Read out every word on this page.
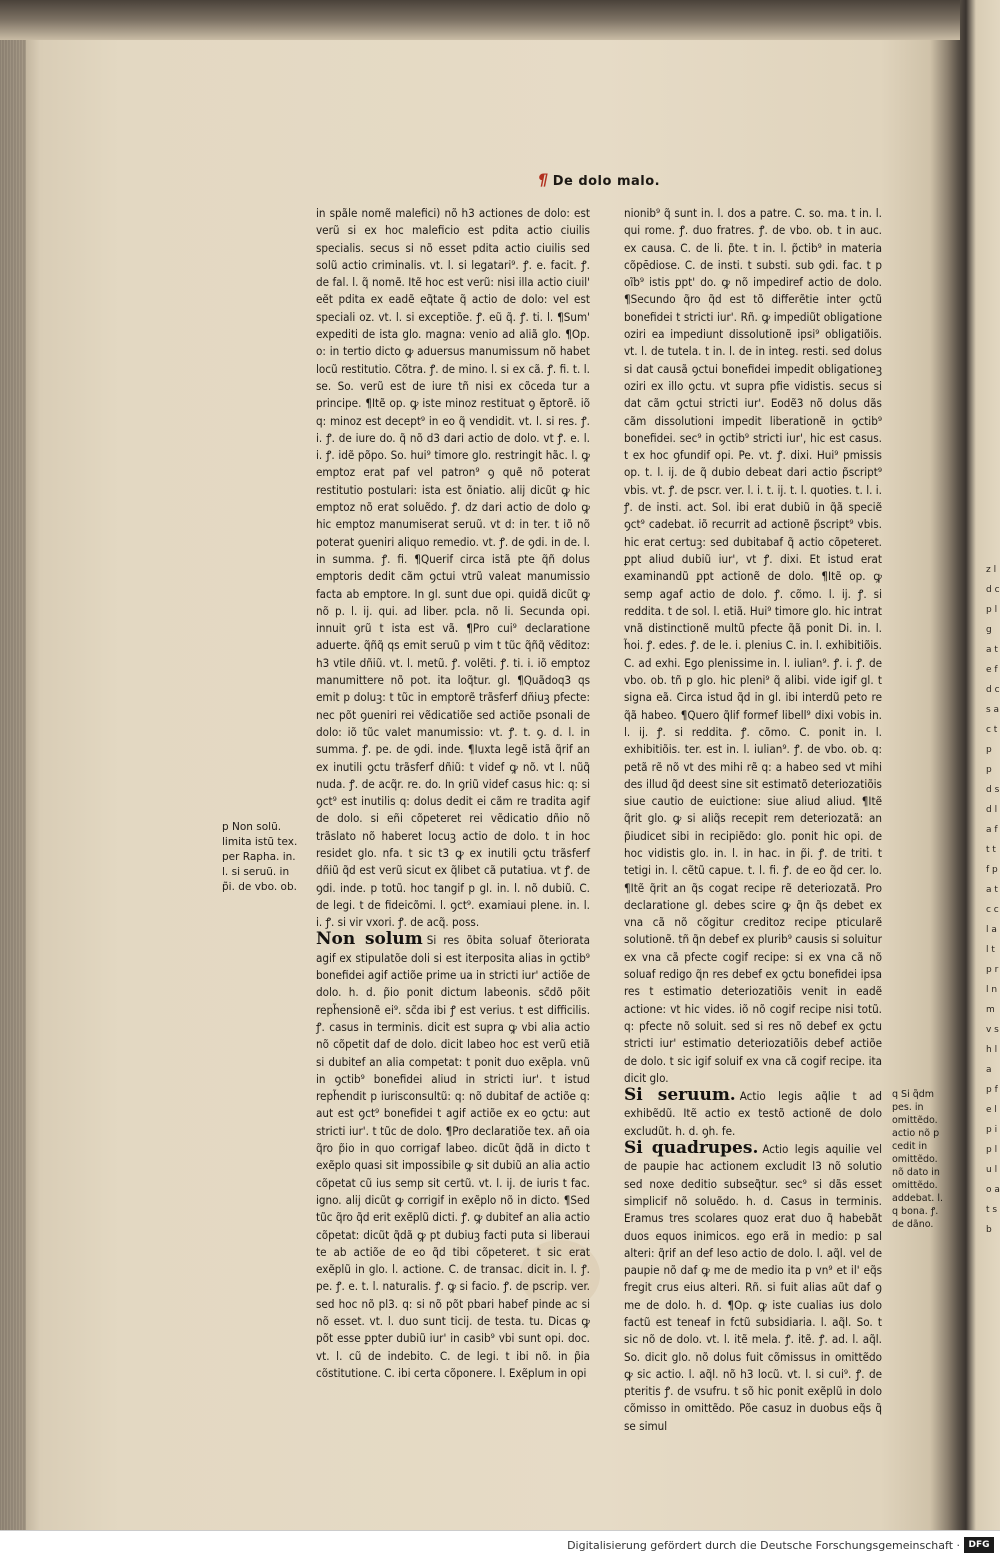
¶ De dolo malo.

in spãle nomẽ malefici) nõ h3 actiones de dolo: est verũ si ex hoc maleficio est pdita actio ciuilis specialis. secus si nõ esset pdita actio ciuilis sed solũ actio criminalis. vt. l. si legatari⁹. ꝭ. e. facit. ꝭ. de fal. l. q̃ nomẽ. Itẽ hoc est verũ: nisi illa actio ciuil' eẽt pdita ex eadẽ eq̃tate q̃ actio de dolo: vel est speciali oz. vt. l. si exceptiõe. ꝭ. eũ q̃. ꝭ. ti. l. ¶Sum' expediti de ista glo. magna: venio ad aliã glo. ¶Op. o: in tertio dicto ꝙ aduersus manumissum nõ habet locũ restitutio. Cõtra. ꝭ. de mino. l. si ex cã. ꝭ. fi. t. l. se. So. verũ est de iure tñ nisi ex cõceda tur a principe. ¶Itẽ op. ꝙ iste minoz restituat ꝯ ẽptorẽ. iõ q: minoz est decept⁹ in eo q̃ vendidit. vt. l. si res. ꝭ. i. ꝭ. de iure do. q̃ nõ d3 dari actio de dolo. vt ꝭ. e. l. i. ꝭ. idẽ põpo. So. hui⁹ timore glo. restringit hãc. l. ꝙ emptoz erat paf vel patron⁹ ꝯ quẽ nõ poterat restitutio postulari: ista est õniatio. alij dicũt ꝙ hic emptoz nõ erat soluẽdo. ꝭ. dz dari actio de dolo ꝙ hic emptoz manumiserat seruũ. vt d: in ter. t iõ nõ poterat ꝯueniri aliquo remedio. vt. ꝭ. de ꝯdi. in de. l. in summa. ꝭ. fi. ¶Querif circa istã pte q̃ñ dolus emptoris dedit cãm ꝯctui vtrũ valeat manumissio facta ab emptore. In gl. sunt due opi. quidã dicũt ꝙ nõ p. l. ij. qui. ad liber. pcla. nõ li. Secunda opi. innuit ꝯrũ t ista est vã. ¶Pro cui⁹ declaratione aduerte. q̃ñq̃ qs emit seruũ p vim t tũc q̃ñq̃ vẽditoz: h3 vtile dñiũ. vt. l. metũ. ꝭ. volẽti. ꝭ. ti. i. iõ emptoz manumittere nõ pot. ita loq̃tur. gl. ¶Quãdoq3 qs emit p doluꝫ: t tũc in emptorẽ trãsferf dñiuꝫ pfecte: nec põt ꝯueniri rei vẽdicatiõe sed actiõe psonali de dolo: iõ tũc valet manumissio: vt. ꝭ. t. ꝯ. d. l. in summa. ꝭ. pe. de ꝯdi. inde. ¶Iuxta legẽ istã q̃rif an ex inutili ꝯctu trãsferf dñiũ: t videf ꝙ nõ. vt l. nũq̃ nuda. ꝭ. de acq̃r. re. do. In ꝯriũ videf casus hic: q: si ꝯct⁹ est inutilis q: dolus dedit ei cãm re tradita agif de dolo. si eñi cõpeteret rei vẽdicatio dñio nõ trãslato nõ haberet locuꝫ actio de dolo. t in hoc residet glo. nfa. t sic t3 ꝙ ex inutili ꝯctu trãsferf dñiũ q̃d est verũ sicut ex q̃libet cã putatiua. vt ꝭ. de ꝯdi. inde. p totũ. hoc tangif p gl. in. l. nõ dubiũ. C. de legi. t de fideicõmi. l. ꝯct⁹. examiaui plene. in. l. i. ꝭ. si vir vxori. ꝭ. de acq̃. poss.

Non solum Si res õbita soluaf õteriorata agif ex stipulatõe doli si est iterposita alias in ꝯctib⁹ bonefidei agif actiõe prime ua in stricti iur' actiõe de dolo. h. d. p̃io ponit dictum labeonis. sc̃dõ põit reph̃ensionẽ ei⁹. sc̃da ibi ꝭ est verius. t est difficilis. ꝭ. casus in terminis. dicit est supra ꝙ vbi alia actio nõ cõpetit daf de dolo. dicit labeo hoc est verũ etiã si dubitef an alia competat: t ponit duo exẽpla. vnũ in ꝯctib⁹ bonefidei aliud in stricti iur'. t istud reph̃endit p iurisconsultũ: q: nõ dubitaf de actiõe q: aut est ꝯct⁹ bonefidei t agif actiõe ex eo ꝯctu: aut stricti iur'. t tũc de dolo. ¶Pro declaratiõe tex. añ oia q̃ro p̃io in quo corrigaf labeo. dicũt q̃dã in dicto t exẽplo quasi sit impossibile ꝙ sit dubiũ an alia actio cõpetat cũ ius semp sit certũ. vt. l. ij. de iuris t fac. igno. alij dicũt ꝙ corrigif in exẽplo nõ in dicto. ¶Sed tũc q̃ro q̃d erit exẽplũ dicti. ꝭ. ꝙ dubitef an alia actio cõpetat: dicũt q̃dã ꝙ pt dubiuꝫ facti puta si liberaui te ab actiõe de eo q̃d tibi cõpeteret. t sic erat exẽplũ in glo. l. actione. C. de transac. dicit in. l. ꝭ. pe. ꝭ. e. t. l. naturalis. ꝭ. ꝙ si facio. ꝭ. de pscrip. ver. sed hoc nõ pl3. q: si nõ põt pbari habef pinde ac si nõ esset. vt. l. duo sunt ticij. de testa. tu. Dicas ꝙ põt esse ꝑpter dubiũ iur' in casib⁹ vbi sunt opi. doc. vt. l. cũ de indebito. C. de legi. t ibi nõ. in p̃ia cõstitutione. C. ibi certa cõponere. l. Exẽplum in opi

nionib⁹ q̃ sunt in. l. dos a patre. C. so. ma. t in. l. qui rome. ꝭ. duo fratres. ꝭ. de vbo. ob. t in auc. ex causa. C. de li. p̃te. t in. l. p̃ctib⁹ in materia cõpēdiose. C. de insti. t substi. sub ꝯdi. fac. t p oĩb⁹ istis ꝑpt' do. ꝙ nõ impediref actio de dolo. ¶Secundo q̃ro q̃d est tõ differẽtie inter ꝯctũ bonefidei t stricti iur'. Rñ. ꝙ impediũt obligatione oziri ea impediunt dissolutionẽ ipsi⁹ obligatiõis. vt. l. de tutela. t in. l. de in integ. resti. sed dolus si dat causã ꝯctui bonefidei impedit obligationeꝫ oziri ex illo ꝯctu. vt supra pfie vidistis. secus si dat cãm ꝯctui stricti iur'. Eodẽ3 nõ dolus dãs cãm dissolutioni impedit liberationẽ in ꝯctib⁹ bonefidei. sec⁹ in ꝯctib⁹ stricti iur', hic est casus. t ex hoc ꝯfundif opi. Pe. vt. ꝭ. dixi. Hui⁹ pmissis op. t. l. ij. de q̃ dubio debeat dari actio p̃script⁹ vbis. vt. ꝭ. de pscr. ver. l. i. t. ij. t. l. quoties. t. l. i. ꝭ. de insti. act. Sol. ibi erat dubiũ in q̃ã speciẽ ꝯct⁹ cadebat. iõ recurrit ad actionẽ p̃script⁹ vbis. hic erat certuꝫ: sed dubitabaf q̃ actio cõpeteret. ꝑpt aliud dubiũ iur', vt ꝭ. dixi. Et istud erat examinandũ ꝑpt actionẽ de dolo. ¶Itẽ op. ꝙ semp agaf actio de dolo. ꝭ. cõmo. l. ij. ꝭ. si reddita. t de sol. l. etiã. Hui⁹ timore glo. hic intrat vnã distinctionẽ multũ pfecte q̃ã ponit Di. in. l. h̃oi. ꝭ. edes. ꝭ. de le. i. plenius C. in. l. exhibitiõis. C. ad exhi. Ego plenissime in. l. iulian⁹. ꝭ. i. ꝭ. de vbo. ob. tñ p glo. hic pleni⁹ q̃ alibi. vide igif gl. t signa eã. Circa istud q̃d in gl. ibi interdũ peto re q̃ã habeo. ¶Quero q̃lif formef libell⁹ dixi vobis in. l. ij. ꝭ. si reddita. ꝭ. cõmo. C. ponit in. l. exhibitiõis. ter. est in. l. iulian⁹. ꝭ. de vbo. ob. q: petã rẽ nõ vt des mihi rẽ q: a habeo sed vt mihi des illud q̃d deest sine sit estimatõ deteriozatiõis siue cautio de euictione: siue aliud aliud. ¶Itẽ q̃rit glo. ꝙ si aliq̃s recepit rem deteriozatã: an p̃iudicet sibi in recipiẽdo: glo. ponit hic opi. de hoc vidistis glo. in. l. in hac. in p̃i. ꝭ. de triti. t tetigi in. l. cẽtũ capue. t. l. fi. ꝭ. de eo q̃d cer. lo. ¶Itẽ q̃rit an q̃s cogat recipe rẽ deteriozatã. Pro declaratione gl. debes scire ꝙ q̃n q̃s debet ex vna cã nõ cõgitur creditoz recipe pticularẽ solutionẽ. tñ q̃n debef ex plurib⁹ causis si soluitur ex vna cã pfecte cogif recipe: si ex vna cã nõ soluaf redigo q̃n res debef ex ꝯctu bonefidei ipsa res t estimatio deteriozatiõis venit in eadẽ actione: vt hic vides. iõ nõ cogif recipe nisi totũ. q: pfecte nõ soluit. sed si res nõ debef ex ꝯctu stricti iur' estimatio deteriozatiõis debef actiõe de dolo. t sic igif soluif ex vna cã cogif recipe. ita dicit glo.

Si seruum. Actio legis aq̃lie t ad exhibẽdũ. Itẽ actio ex testõ actionẽ de dolo excludũt. h. d. ꝯh. fe.

Si quadrupes. Actio legis aquilie vel de paupie hac actionem excludit l3 nõ solutio sed noxe deditio subseq̃tur. sec⁹ si dãs esset simplicif nõ soluẽdo. h. d. Casus in terminis. Eramus tres scolares quoz erat duo q̃ habebãt duos equos inimicos. ego erã in medio: p sal alteri: q̃rif an def leso actio de dolo. l. aq̃l. vel de paupie nõ daf ꝙ me de medio ita p vn⁹ et il' eq̃s fregit crus eius alteri. Rñ. si fuit alias aũt daf ꝯ me de dolo. h. d. ¶Op. ꝙ iste cualias ius dolo factũ est teneaf in fctũ subsidiaria. l. aq̃l. So. t sic nõ de dolo. vt. l. itẽ mela. ꝭ. itẽ. ꝭ. ad. l. aq̃l. So. dicit glo. nõ dolus fuit cõmissus in omittẽdo ꝙ sic actio. l. aq̃l. nõ h3 locũ. vt. l. si cui⁹. ꝭ. de pteritis ꝭ. de vsufru. t sõ hic ponit exẽplũ in dolo cõmisso in omittẽdo. Põe casuz in duobus eq̃s q̃ se simul

p Non solũ. limita istũ tex. per Rapha. in. l. si seruũ. in p̃i. de vbo. ob.
q Si q̃dm pes. in omittẽdo. actio nõ p cedit in omittẽdo. nõ dato in omittẽdo. addebat. l. q bona. ꝭ. de dãno.
z l d c p l g a t e f d c s a c t p p d s d l a f t t f p a t c c l a l t p r l n m v s h l a p f e l p i p l u l o a t s b
Digitalisierung gefördert durch die Deutsche Forschungsgemeinschaft · DFG
